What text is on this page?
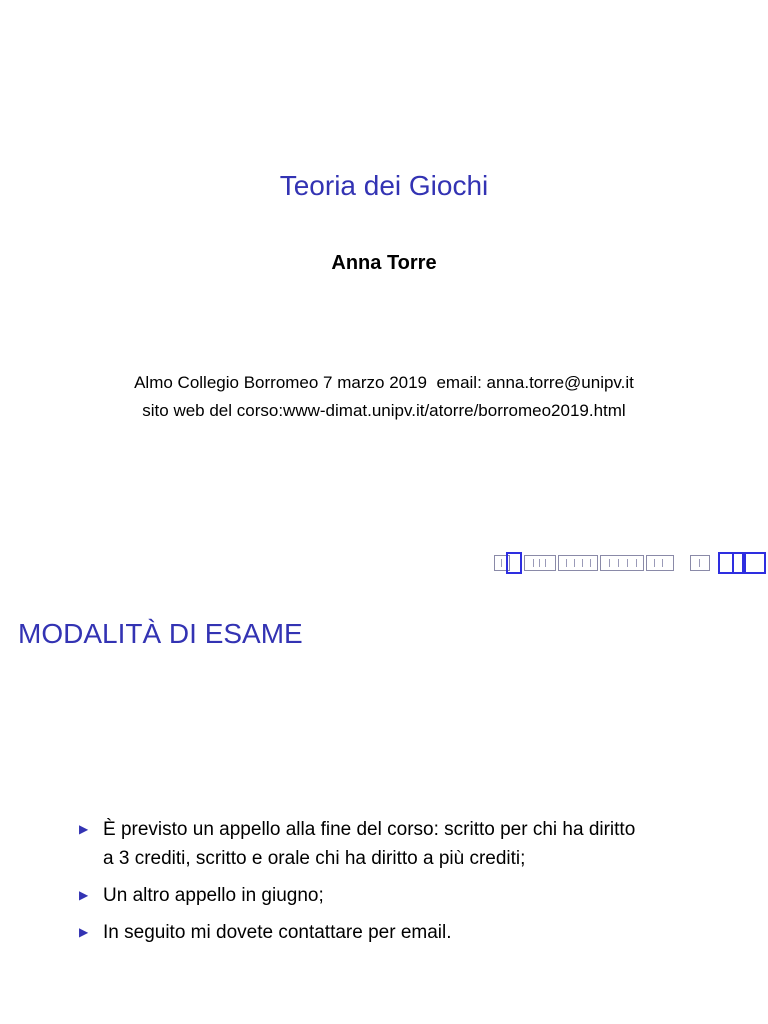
Teoria dei Giochi
Anna Torre
Almo Collegio Borromeo 7 marzo 2019  email: anna.torre@unipv.it
sito web del corso:www-dimat.unipv.it/atorre/borromeo2019.html
MODALITÀ DI ESAME
▶ È previsto un appello alla fine del corso: scritto per chi ha diritto
a 3 crediti, scritto e orale chi ha diritto a più crediti;
▶ Un altro appello in giugno;
▶ In seguito mi dovete contattare per email.
